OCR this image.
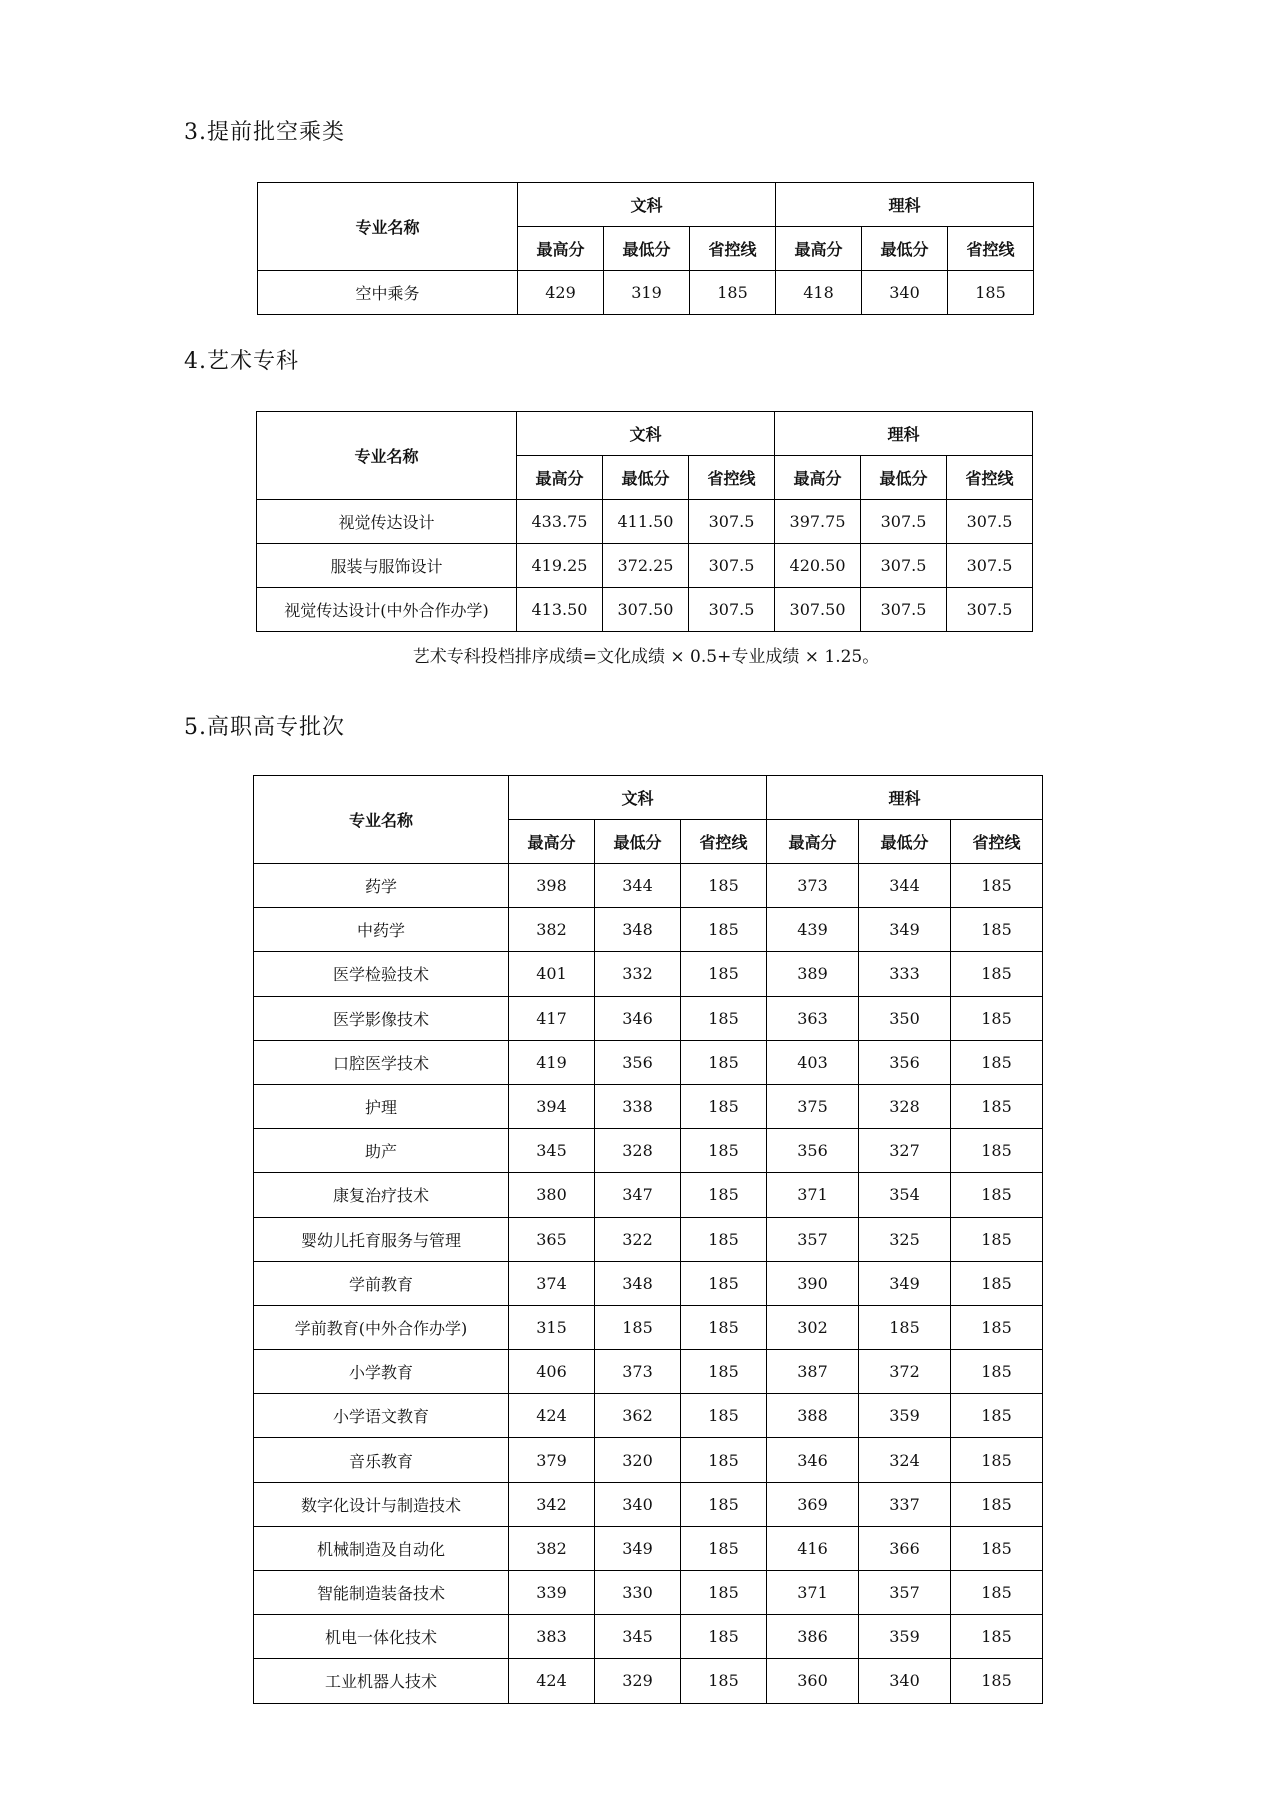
3.提前批空乘类
专业名称	文科			理科		
	最高分	最低分	省控线	最高分	最低分	省控线
空中乘务	429	319	185	418	340	185
4.艺术专科
专业名称	文科			理科		
	最高分	最低分	省控线	最高分	最低分	省控线
视觉传达设计	433.75	411.50	307.5	397.75	307.5	307.5
服装与服饰设计	419.25	372.25	307.5	420.50	307.5	307.5
视觉传达设计(中外合作办学)	413.50	307.50	307.5	307.50	307.5	307.5
艺术专科投档排序成绩=文化成绩 × 0.5+专业成绩 × 1.25。
5.高职高专批次
专业名称	文科			理科		
	最高分	最低分	省控线	最高分	最低分	省控线
药学	398	344	185	373	344	185
中药学	382	348	185	439	349	185
医学检验技术	401	332	185	389	333	185
医学影像技术	417	346	185	363	350	185
口腔医学技术	419	356	185	403	356	185
护理	394	338	185	375	328	185
助产	345	328	185	356	327	185
康复治疗技术	380	347	185	371	354	185
婴幼儿托育服务与管理	365	322	185	357	325	185
学前教育	374	348	185	390	349	185
学前教育(中外合作办学)	315	185	185	302	185	185
小学教育	406	373	185	387	372	185
小学语文教育	424	362	185	388	359	185
音乐教育	379	320	185	346	324	185
数字化设计与制造技术	342	340	185	369	337	185
机械制造及自动化	382	349	185	416	366	185
智能制造装备技术	339	330	185	371	357	185
机电一体化技术	383	345	185	386	359	185
工业机器人技术	424	329	185	360	340	185
